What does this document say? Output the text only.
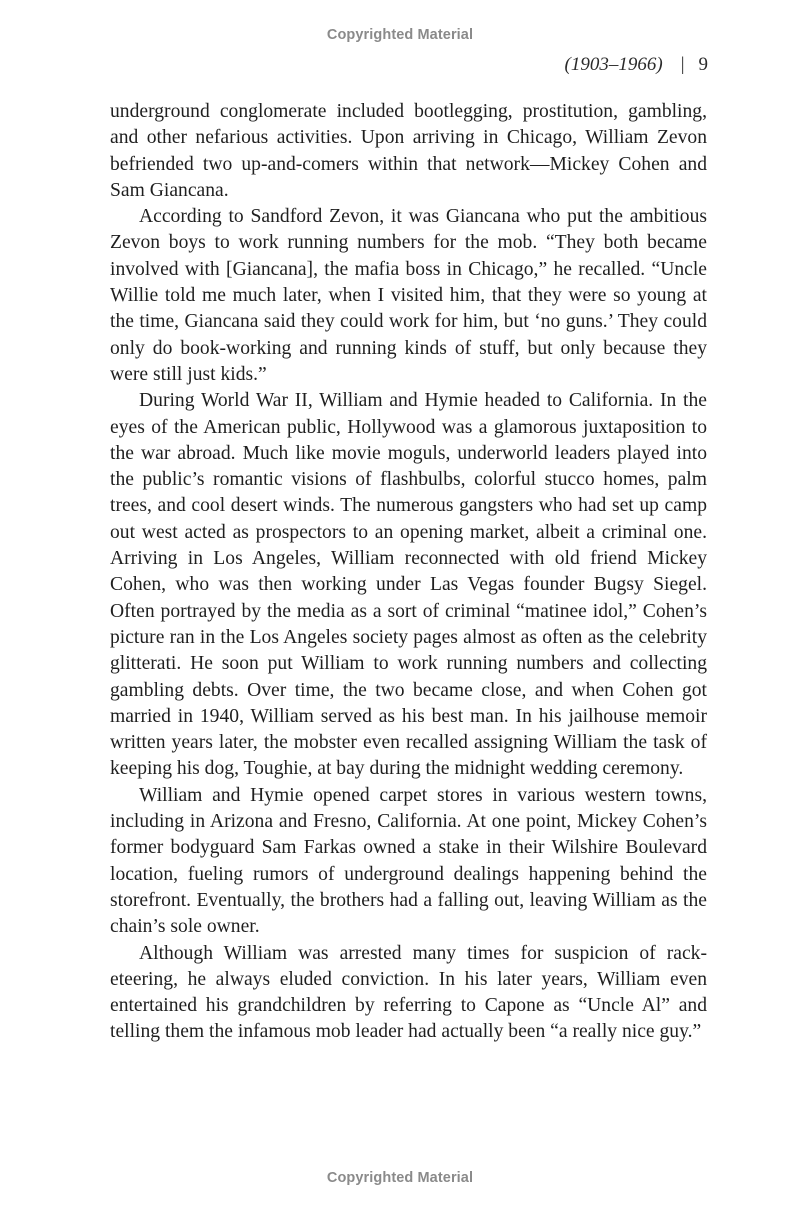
Copyrighted Material
(1903–1966) | 9

underground conglomerate included bootlegging, prostitution, gambling, and other nefarious activities. Upon arriving in Chicago, William Zevon befriended two up-and-comers within that network—Mickey Cohen and Sam Giancana.

According to Sandford Zevon, it was Giancana who put the ambitious Zevon boys to work running numbers for the mob. “They both became involved with [Giancana], the mafia boss in Chicago,” he recalled. “Uncle Willie told me much later, when I visited him, that they were so young at the time, Giancana said they could work for him, but ‘no guns.’ They could only do book-working and running kinds of stuff, but only because they were still just kids.”

During World War II, William and Hymie headed to California. In the eyes of the American public, Hollywood was a glamorous juxtaposition to the war abroad. Much like movie moguls, underworld leaders played into the public’s romantic visions of flashbulbs, colorful stucco homes, palm trees, and cool desert winds. The numerous gangsters who had set up camp out west acted as prospectors to an opening market, albeit a criminal one. Arriving in Los Angeles, William reconnected with old friend Mickey Cohen, who was then working under Las Vegas founder Bugsy Siegel. Often portrayed by the media as a sort of criminal “matinee idol,” Cohen’s picture ran in the Los Angeles society pages almost as often as the celebrity glitterati. He soon put William to work running numbers and collecting gambling debts. Over time, the two became close, and when Cohen got married in 1940, William served as his best man. In his jailhouse memoir written years later, the mobster even recalled assigning William the task of keeping his dog, Toughie, at bay during the midnight wedding ceremony.

William and Hymie opened carpet stores in various western towns, including in Arizona and Fresno, California. At one point, Mickey Cohen’s former bodyguard Sam Farkas owned a stake in their Wilshire Boulevard location, fueling rumors of underground dealings happening behind the storefront. Eventually, the brothers had a falling out, leaving William as the chain’s sole owner.

Although William was arrested many times for suspicion of racketeering, he always eluded conviction. In his later years, William even entertained his grandchildren by referring to Capone as “Uncle Al” and telling them the infamous mob leader had actually been “a really nice guy.”

Copyrighted Material
